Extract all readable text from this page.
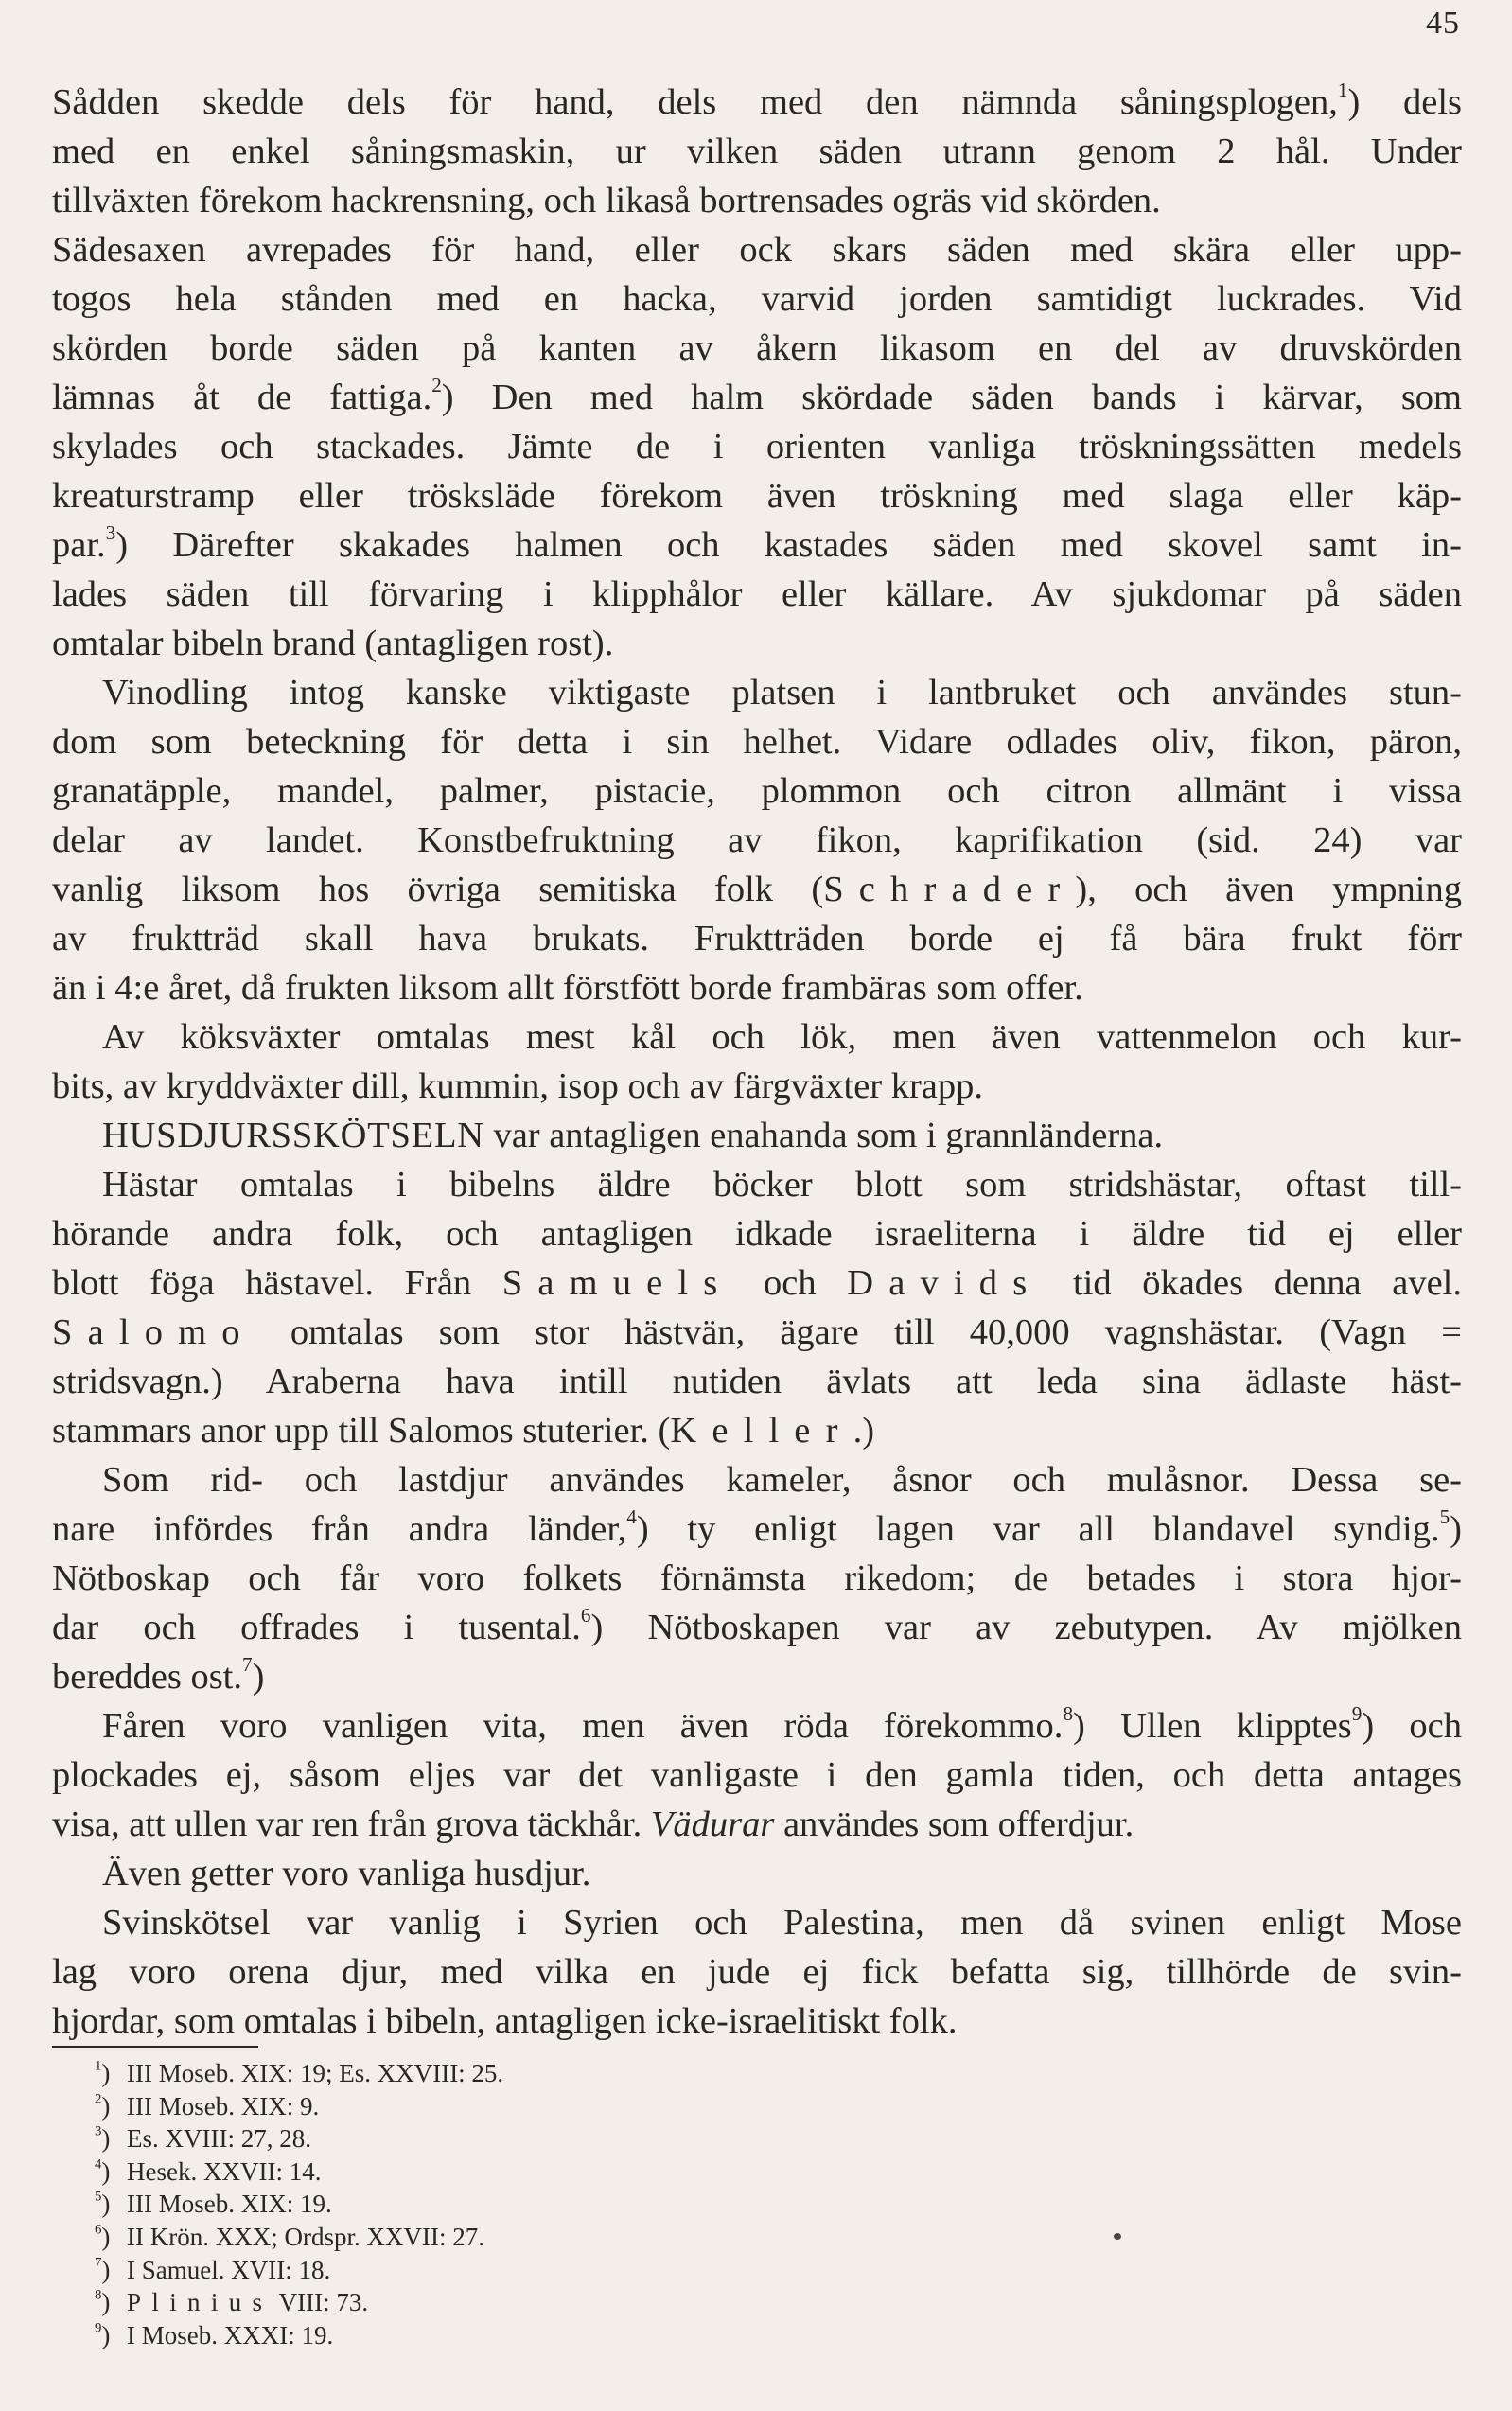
45
Sådden skedde dels för hand, dels med den nämnda såningsplogen,$^1$) dels
med en enkel såningsmaskin, ur vilken säden utrann genom 2 hål. Under
tillväxten förekom hackrensning, och likaså bortrensades ogräs vid skörden.
Sädesaxen avrepades för hand, eller ock skars säden med skära eller upp-
togos hela stånden med en hacka, varvid jorden samtidigt luckrades. Vid
skörden borde säden på kanten av åkern likasom en del av druvskörden
lämnas åt de fattiga.$^2$) Den med halm skördade säden bands i kärvar, som
skylades och stackades. Jämte de i orienten vanliga tröskningssätten medels
kreaturstramp eller trösksläde förekom även tröskning med slaga eller käp-
par.$^3$) Därefter skakades halmen och kastades säden med skovel samt in-
lades säden till förvaring i klipphålor eller källare. Av sjukdomar på säden
omtalar bibeln brand (antagligen rost).
Vinodling intog kanske viktigaste platsen i lantbruket och användes stun-
dom som beteckning för detta i sin helhet. Vidare odlades oliv, fikon, päron,
granatäpple, mandel, palmer, pistacie, plommon och citron allmänt i vissa
delar av landet. Konstbefruktning av fikon, kaprifikation (sid. 24) var
vanlig liksom hos övriga semitiska folk (Schrader), och även ympning
av fruktträd skall hava brukats. Fruktträden borde ej få bära frukt förr
än i 4:e året, då frukten liksom allt förstfött borde frambäras som offer.
Av köksväxter omtalas mest kål och lök, men även vattenmelon och kur-
bits, av kryddväxter dill, kummin, isop och av färgväxter krapp.
HUSDJURSSKÖTSELN var antagligen enahanda som i grannländerna.
Hästar omtalas i bibelns äldre böcker blott som stridshästar, oftast till-
hörande andra folk, och antagligen idkade israeliterna i äldre tid ej eller
blott föga hästavel. Från Samuels och Davids tid ökades denna avel.
Salomo omtalas som stor hästvän, ägare till 40,000 vagnshästar. (Vagn =
stridsvagn.) Araberna hava intill nutiden ävlats att leda sina ädlaste häst-
stammars anor upp till Salomos stuterier. (Keller.)
Som rid- och lastdjur användes kameler, åsnor och mulåsnor. Dessa se-
nare infördes från andra länder,$^4$) ty enligt lagen var all blandavel syndig.$^5$)
Nötboskap och får voro folkets förnämsta rikedom; de betades i stora hjor-
dar och offrades i tusental.$^6$) Nötboskapen var av zebutypen. Av mjölken
bereddes ost.$^7$)
Fåren voro vanligen vita, men även röda förekommo.$^8$) Ullen klipptes$^9$) och
plockades ej, såsom eljes var det vanligaste i den gamla tiden, och detta antages
visa, att ullen var ren från grova täckhår. Vädurar användes som offerdjur.
Även getter voro vanliga husdjur.
Svinskötsel var vanlig i Syrien och Palestina, men då svinen enligt Mose
lag voro orena djur, med vilka en jude ej fick befatta sig, tillhörde de svin-
hjordar, som omtalas i bibeln, antagligen icke-israelitiskt folk.
$^1$) III Moseb. XIX: 19; Es. XXVIII: 25.
$^2$) III Moseb. XIX: 9.
$^3$) Es. XVIII: 27, 28.
$^4$) Hesek. XXVII: 14.
$^5$) III Moseb. XIX: 19.
$^6$) II Krön. XXX; Ordspr. XXVII: 27.
$^7$) I Samuel. XVII: 18.
$^8$) Plinius VIII: 73.
$^9$) I Moseb. XXXI: 19.
